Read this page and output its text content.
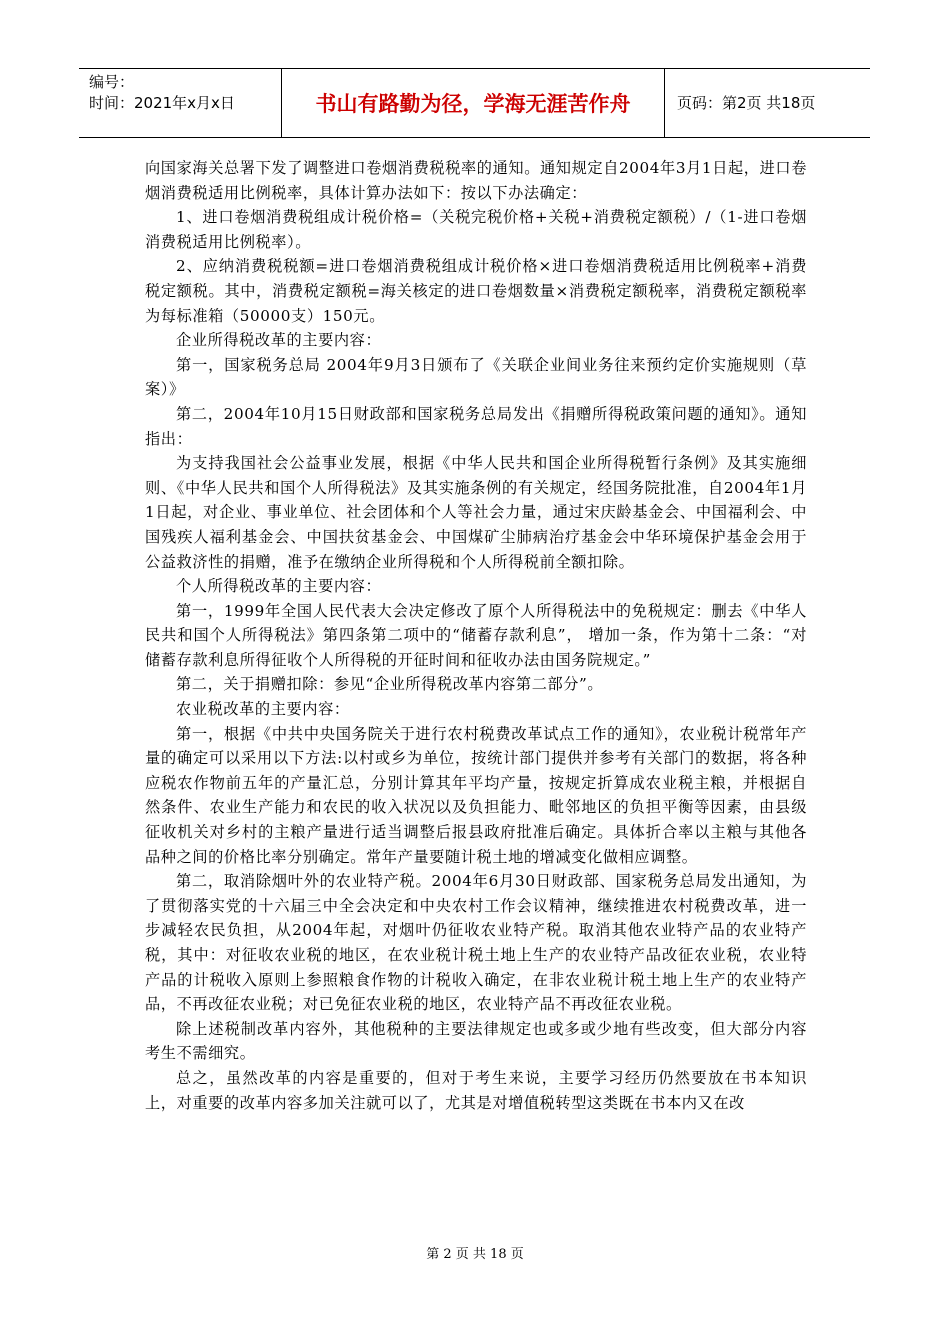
编号：
时间：2021年x月x日	书山有路勤为径，学海无涯苦作舟	页码：第2页 共18页

向国家海关总署下发了调整进口卷烟消费税税率的通知。通知规定自2004年3月1日起，进口卷烟消费税适用比例税率，具体计算办法如下：按以下办法确定：

1、进口卷烟消费税组成计税价格=（关税完税价格+关税+消费税定额税）/（1-进口卷烟消费税适用比例税率）。

2、应纳消费税税额=进口卷烟消费税组成计税价格×进口卷烟消费税适用比例税率+消费税定额税。其中，消费税定额税=海关核定的进口卷烟数量×消费税定额税率，消费税定额税率为每标准箱（50000支）150元。

企业所得税改革的主要内容：

第一，国家税务总局 2004年9月3日颁布了《关联企业间业务往来预约定价实施规则（草案）》

第二，2004年10月15日财政部和国家税务总局发出《捐赠所得税政策问题的通知》。通知指出：

为支持我国社会公益事业发展，根据《中华人民共和国企业所得税暂行条例》及其实施细则、《中华人民共和国个人所得税法》及其实施条例的有关规定，经国务院批准，自2004年1月1日起，对企业、事业单位、社会团体和个人等社会力量，通过宋庆龄基金会、中国福利会、中国残疾人福利基金会、中国扶贫基金会、中国煤矿尘肺病治疗基金会中华环境保护基金会用于公益救济性的捐赠，准予在缴纳企业所得税和个人所得税前全额扣除。

个人所得税改革的主要内容：

第一，1999年全国人民代表大会决定修改了原个人所得税法中的免税规定：删去《中华人民共和国个人所得税法》第四条第二项中的“储蓄存款利息”， 增加一条，作为第十二条：“对储蓄存款利息所得征收个人所得税的开征时间和征收办法由国务院规定。”

第二，关于捐赠扣除：参见“企业所得税改革内容第二部分”。

农业税改革的主要内容：

第一，根据《中共中央国务院关于进行农村税费改革试点工作的通知》，农业税计税常年产量的确定可以采用以下方法:以村或乡为单位，按统计部门提供并参考有关部门的数据，将各种应税农作物前五年的产量汇总，分别计算其年平均产量，按规定折算成农业税主粮，并根据自然条件、农业生产能力和农民的收入状况以及负担能力、毗邻地区的负担平衡等因素，由县级征收机关对乡村的主粮产量进行适当调整后报县政府批准后确定。具体折合率以主粮与其他各品种之间的价格比率分别确定。常年产量要随计税土地的增减变化做相应调整。

第二，取消除烟叶外的农业特产税。2004年6月30日财政部、国家税务总局发出通知，为了贯彻落实党的十六届三中全会决定和中央农村工作会议精神，继续推进农村税费改革，进一步减轻农民负担，从2004年起，对烟叶仍征收农业特产税。取消其他农业特产品的农业特产税，其中：对征收农业税的地区，在农业税计税土地上生产的农业特产品改征农业税，农业特产品的计税收入原则上参照粮食作物的计税收入确定，在非农业税计税土地上生产的农业特产品，不再改征农业税；对已免征农业税的地区，农业特产品不再改征农业税。

除上述税制改革内容外，其他税种的主要法律规定也或多或少地有些改变，但大部分内容考生不需细究。

总之，虽然改革的内容是重要的，但对于考生来说，主要学习经历仍然要放在书本知识上，对重要的改革内容多加关注就可以了，尤其是对增值税转型这类既在书本内又在改

第 2 页 共 18 页
